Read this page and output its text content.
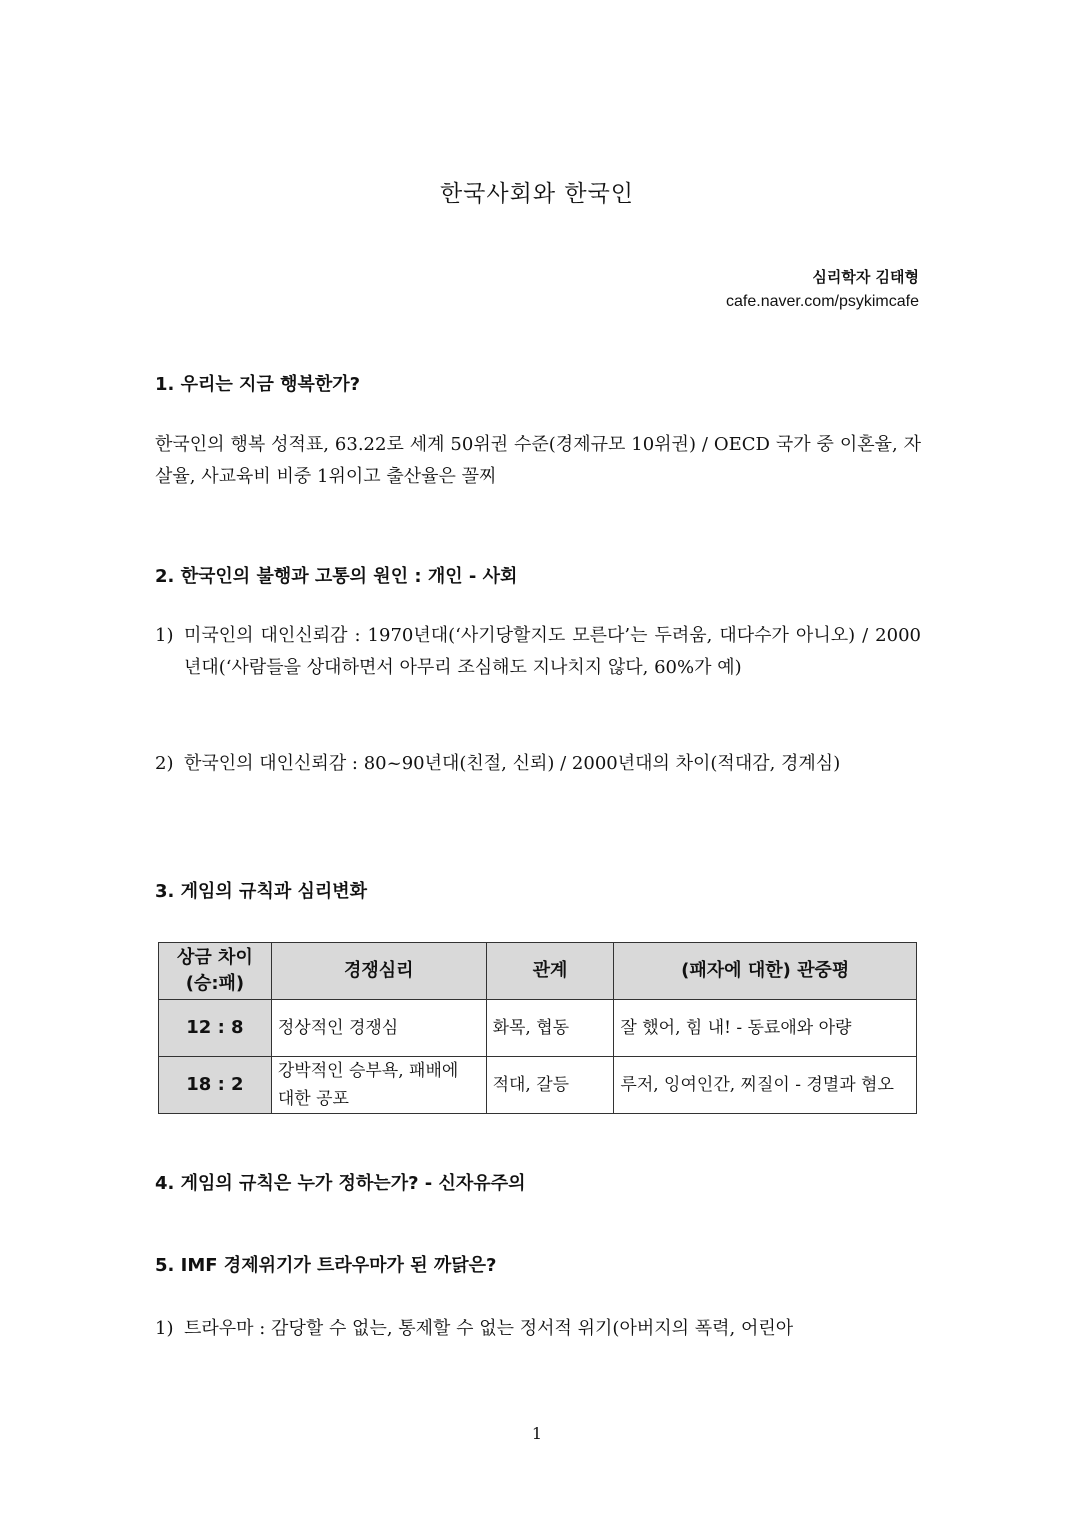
한국사회와 한국인
심리학자 김태형
cafe.naver.com/psykimcafe
1. 우리는 지금 행복한가?
한국인의 행복 성적표, 63.22로 세계 50위권 수준(경제규모 10위권) / OECD 국가 중 이혼율, 자살율, 사교육비 비중 1위이고 출산율은 꼴찌
2. 한국인의 불행과 고통의 원인 : 개인 - 사회
1) 미국인의 대인신뢰감 : 1970년대(‘사기당할지도 모른다’는 두려움, 대다수가 아니오) / 2000년대(‘사람들을 상대하면서 아무리 조심해도 지나치지 않다, 60%가 예)
2) 한국인의 대인신뢰감 : 80~90년대(친절, 신뢰) / 2000년대의 차이(적대감, 경계심)
3. 게임의 규칙과 심리변화
상금 차이 (승:패)	경쟁심리	관계	(패자에 대한) 관중평
12 : 8	정상적인 경쟁심	화목, 협동	잘 했어, 힘 내! - 동료애와 아량
18 : 2	강박적인 승부욕, 패배에 대한 공포	적대, 갈등	루저, 잉여인간, 찌질이 - 경멸과 혐오
4. 게임의 규칙은 누가 정하는가? - 신자유주의
5. IMF 경제위기가 트라우마가 된 까닭은?
1) 트라우마 : 감당할 수 없는, 통제할 수 없는 정서적 위기(아버지의 폭력, 어린아
1
